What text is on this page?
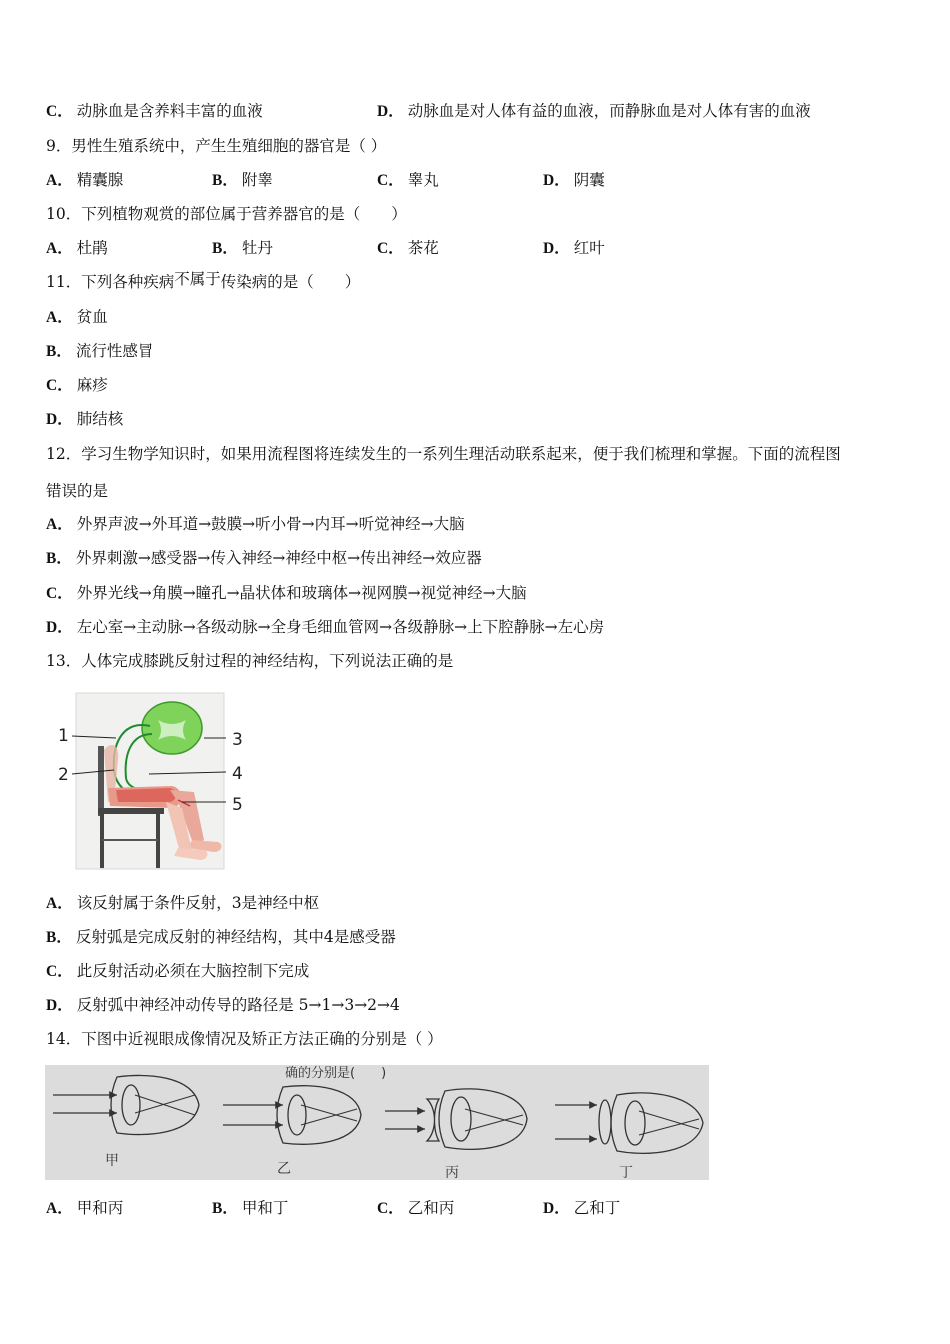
C． 动脉血是含养料丰富的血液	D． 动脉血是对人体有益的血液，而静脉血是对人体有害的血液
9．男性生殖系统中，产生生殖细胞的器官是（ ）
A． 精囊腺	B． 附睾	C． 睾丸	D． 阴囊
10．下列植物观赏的部位属于营养器官的是（　　）
A． 杜鹃	B． 牡丹	C． 茶花	D． 红叶
11．下列各种疾病不属于传染病的是（　　）
A． 贫血
B． 流行性感冒
C． 麻疹
D． 肺结核
12．学习生物学知识时，如果用流程图将连续发生的一系列生理活动联系起来，便于我们梳理和掌握。下面的流程图
错误的是
A． 外界声波→外耳道→鼓膜→听小骨→内耳→听觉神经→大脑
B． 外界刺激→感受器→传入神经→神经中枢→传出神经→效应器
C． 外界光线→角膜→瞳孔→晶状体和玻璃体→视网膜→视觉神经→大脑
D． 左心室→主动脉→各级动脉→全身毛细血管网→各级静脉→上下腔静脉→左心房
13．人体完成膝跳反射过程的神经结构，下列说法正确的是
1
2
3
4
5
A． 该反射属于条件反射，3是神经中枢
B． 反射弧是完成反射的神经结构，其中4是感受器
C． 此反射活动必须在大脑控制下完成
D． 反射弧中神经冲动传导的路径是 5→1→3→2→4
14．下图中近视眼成像情况及矫正方法正确的分别是（ ）
确的分别是(　　)
甲	乙	丙	丁
A． 甲和丙	B． 甲和丁	C． 乙和丙	D． 乙和丁
